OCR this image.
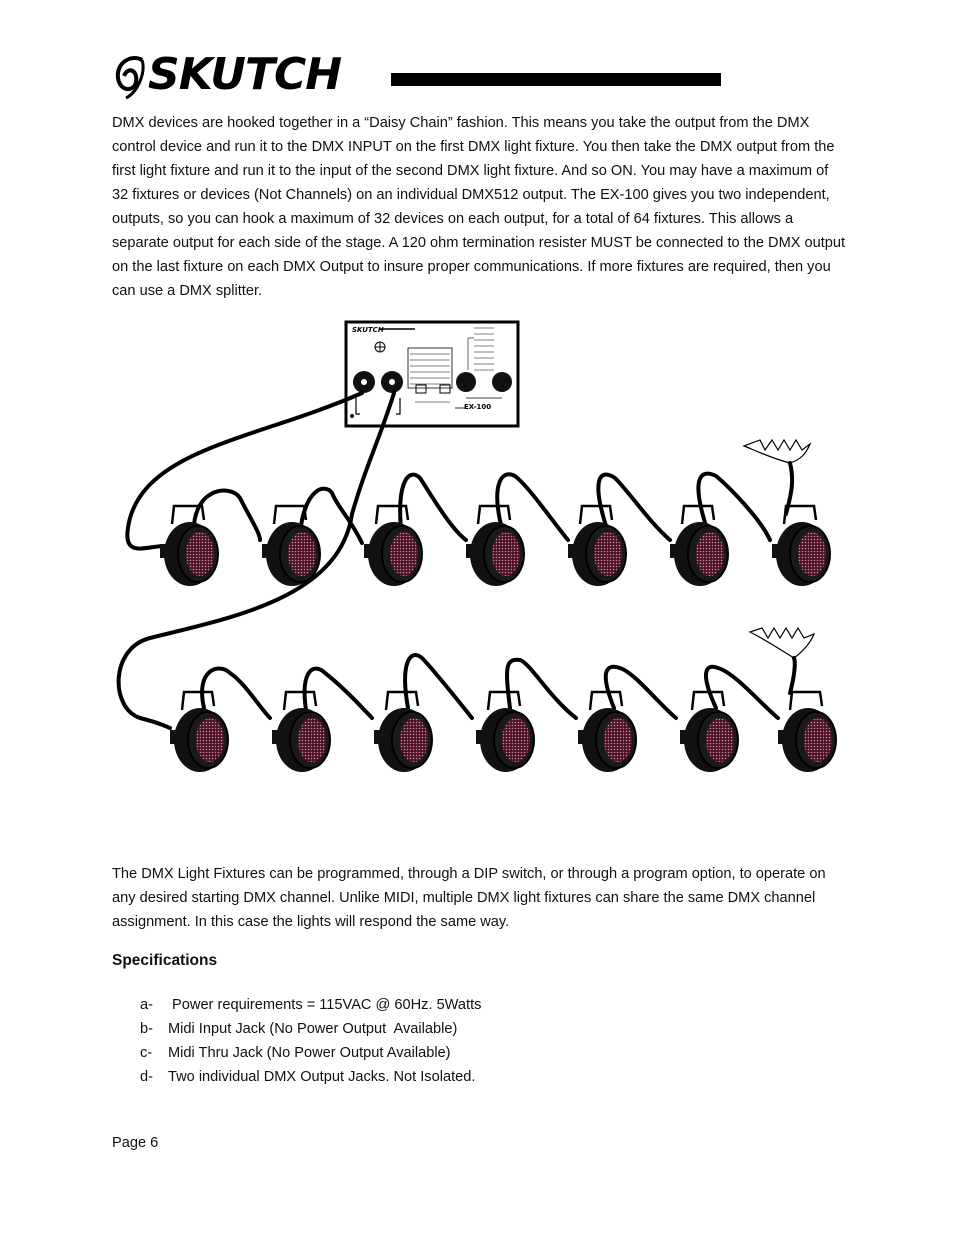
SKUTCH

DMX devices are hooked together in a “Daisy Chain” fashion. This means you take the output from the DMX control device and run it to the DMX INPUT on the first DMX light fixture. You then take the DMX output from the first light fixture and run it to the input of the second DMX light fixture. And so ON. You may have a maximum of 32 fixtures or devices (Not Channels) on an individual DMX512 output. The EX-100 gives you two independent, outputs, so you can hook a maximum of 32 devices on each output, for a total of 64 fixtures. This allows a separate output for each side of the stage. A 120 ohm termination resister MUST be connected to the DMX output on the last fixture on each DMX Output to insure proper communications. If more fixtures are required, then you can use a DMX splitter.

SKUTCH
EX-100

The DMX Light Fixtures can be programmed, through a DIP switch, or through a program option, to operate on any desired starting DMX channel. Unlike MIDI, multiple DMX light fixtures can share the same DMX channel assignment. In this case the lights will respond the same way.

Specifications

a-	Power requirements = 115VAC @ 60Hz. 5Watts
b-	Midi Input Jack (No Power Output  Available)
c-	Midi Thru Jack (No Power Output Available)
d-	Two individual DMX Output Jacks. Not Isolated.
Page 6
